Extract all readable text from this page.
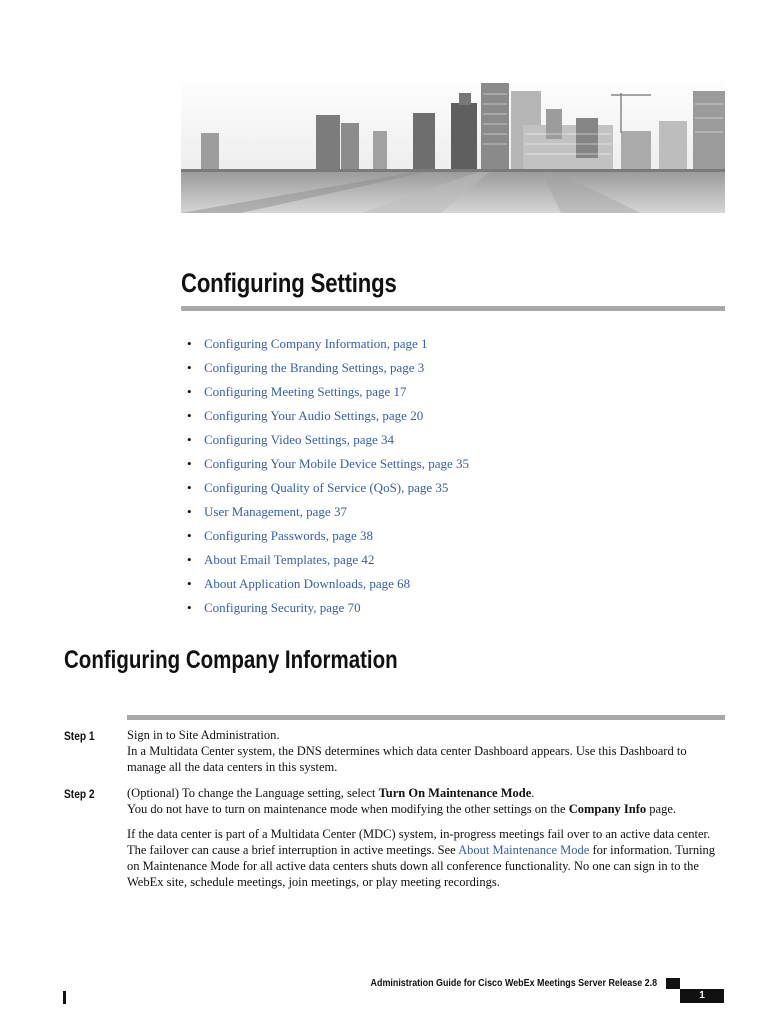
Configuring Settings
• Configuring Company Information, page 1
• Configuring the Branding Settings, page 3
• Configuring Meeting Settings, page 17
• Configuring Your Audio Settings, page 20
• Configuring Video Settings, page 34
• Configuring Your Mobile Device Settings, page 35
• Configuring Quality of Service (QoS), page 35
• User Management, page 37
• Configuring Passwords, page 38
• About Email Templates, page 42
• About Application Downloads, page 68
• Configuring Security, page 70
Configuring Company Information
Step 1	Sign in to Site Administration.

In a Multidata Center system, the DNS determines which data center Dashboard appears. Use this Dashboard to manage all the data centers in this system.

Step 2	(Optional) To change the Language setting, select Turn On Maintenance Mode.

You do not have to turn on maintenance mode when modifying the other settings on the Company Info page.

If the data center is part of a Multidata Center (MDC) system, in-progress meetings fail over to an active data center. The failover can cause a brief interruption in active meetings. See About Maintenance Mode for information. Turning on Maintenance Mode for all active data centers shuts down all conference functionality. No one can sign in to the WebEx site, schedule meetings, join meetings, or play meeting recordings.

Administration Guide for Cisco WebEx Meetings Server Release 2.8
1
